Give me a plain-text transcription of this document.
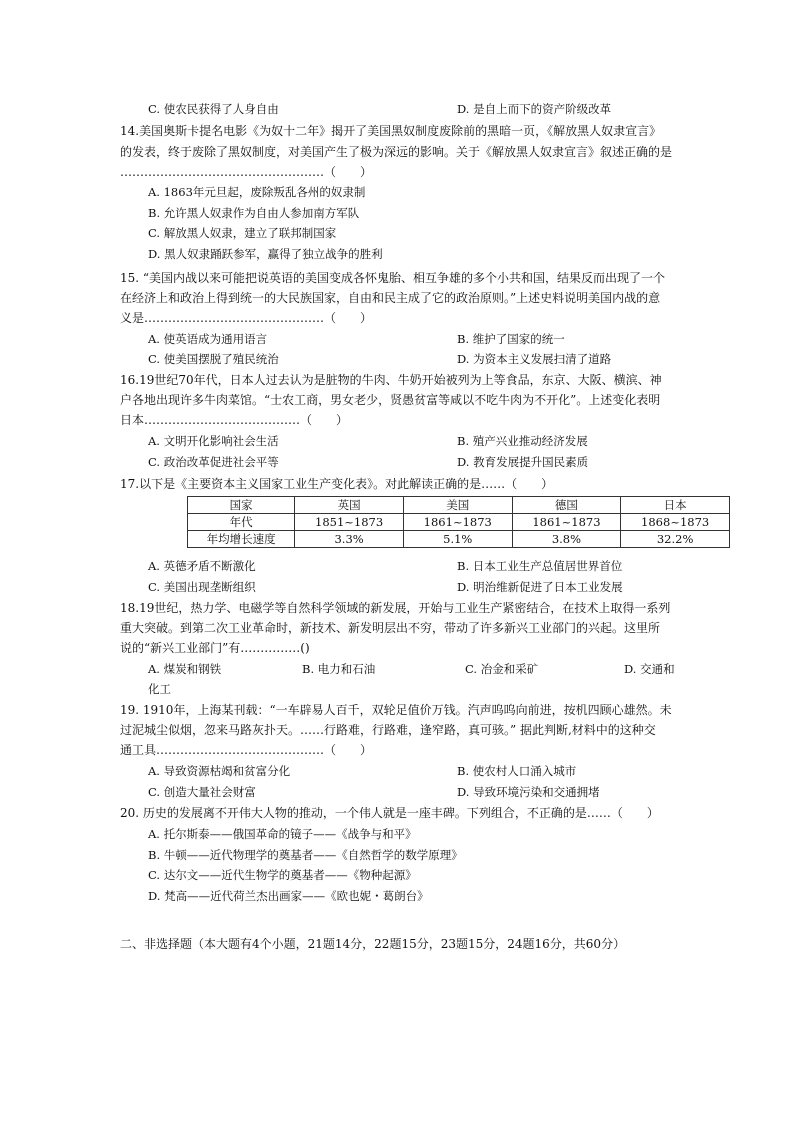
C. 使农民获得了人身自由	D. 是自上而下的资产阶级改革
14.美国奥斯卡提名电影《为奴十二年》揭开了美国黑奴制度废除前的黑暗一页，《解放黑人奴隶宣言》
的发表，终于废除了黑奴制度，对美国产生了极为深远的影响。关于《解放黑人奴隶宣言》叙述正确的是
……………………………………………（　　）
A. 1863年元旦起，废除叛乱各州的奴隶制
B. 允许黑人奴隶作为自由人参加南方军队
C. 解放黑人奴隶，建立了联邦制国家
D. 黑人奴隶踊跃参军，赢得了独立战争的胜利
15. “美国内战以来可能把说英语的美国变成各怀鬼胎、相互争雄的多个小共和国，结果反而出现了一个
在经济上和政治上得到统一的大民族国家，自由和民主成了它的政治原则。”上述史料说明美国内战的意
义是………………………………………（　　）
A. 使英语成为通用语言	B. 维护了国家的统一
C. 使美国摆脱了殖民统治	D. 为资本主义发展扫清了道路
16.19世纪70年代，日本人过去认为是脏物的牛肉、牛奶开始被列为上等食品，东京、大阪、横滨、神
户各地出现许多牛肉菜馆。“士农工商，男女老少，贤愚贫富等咸以不吃牛肉为不开化”。上述变化表明
日本…………………………………（　　）
A. 文明开化影响社会生活	B. 殖产兴业推动经济发展
C. 政治改革促进社会平等	D. 教育发展提升国民素质
17.以下是《主要资本主义国家工业生产变化表》。对此解读正确的是……（　　）
国家	英国	美国	德国	日本
年代	1851~1873	1861~1873	1861~1873	1868~1873
年均增长速度	3.3%	5.1%	3.8%	32.2%
A. 英德矛盾不断激化	B. 日本工业生产总值居世界首位
C. 美国出现垄断组织	D. 明治维新促进了日本工业发展
18.19世纪，热力学、电磁学等自然科学领域的新发展，开始与工业生产紧密结合，在技术上取得一系列
重大突破。到第二次工业革命时，新技术、新发明层出不穷，带动了许多新兴工业部门的兴起。这里所
说的“新兴工业部门”有……………()
A. 煤炭和钢铁	B. 电力和石油	C. 冶金和采矿	D. 交通和
化工
19. 1910年，上海某刊载：“一车辟易人百千，双轮足值价万钱。汽声呜呜向前进，按机四顾心雄然。未
过泥城尘似烟，忽来马路灰扑天。……行路难，行路难，逢窄路，真可骇。” 据此判断,材料中的这种交
通工具……………………………………（　　）
A. 导致资源枯竭和贫富分化	B. 使农村人口涌入城市
C. 创造大量社会财富	D. 导致环境污染和交通拥堵
20. 历史的发展离不开伟大人物的推动，一个伟人就是一座丰碑。下列组合，不正确的是……（　　）
A. 托尔斯泰——俄国革命的镜子——《战争与和平》
B. 牛顿——近代物理学的奠基者——《自然哲学的数学原理》
C. 达尔文——近代生物学的奠基者——《物种起源》
D. 梵高——近代荷兰杰出画家——《欧也妮・葛朗台》
二、非选择题（本大题有4个小题，21题14分，22题15分，23题15分，24题16分，共60分）
